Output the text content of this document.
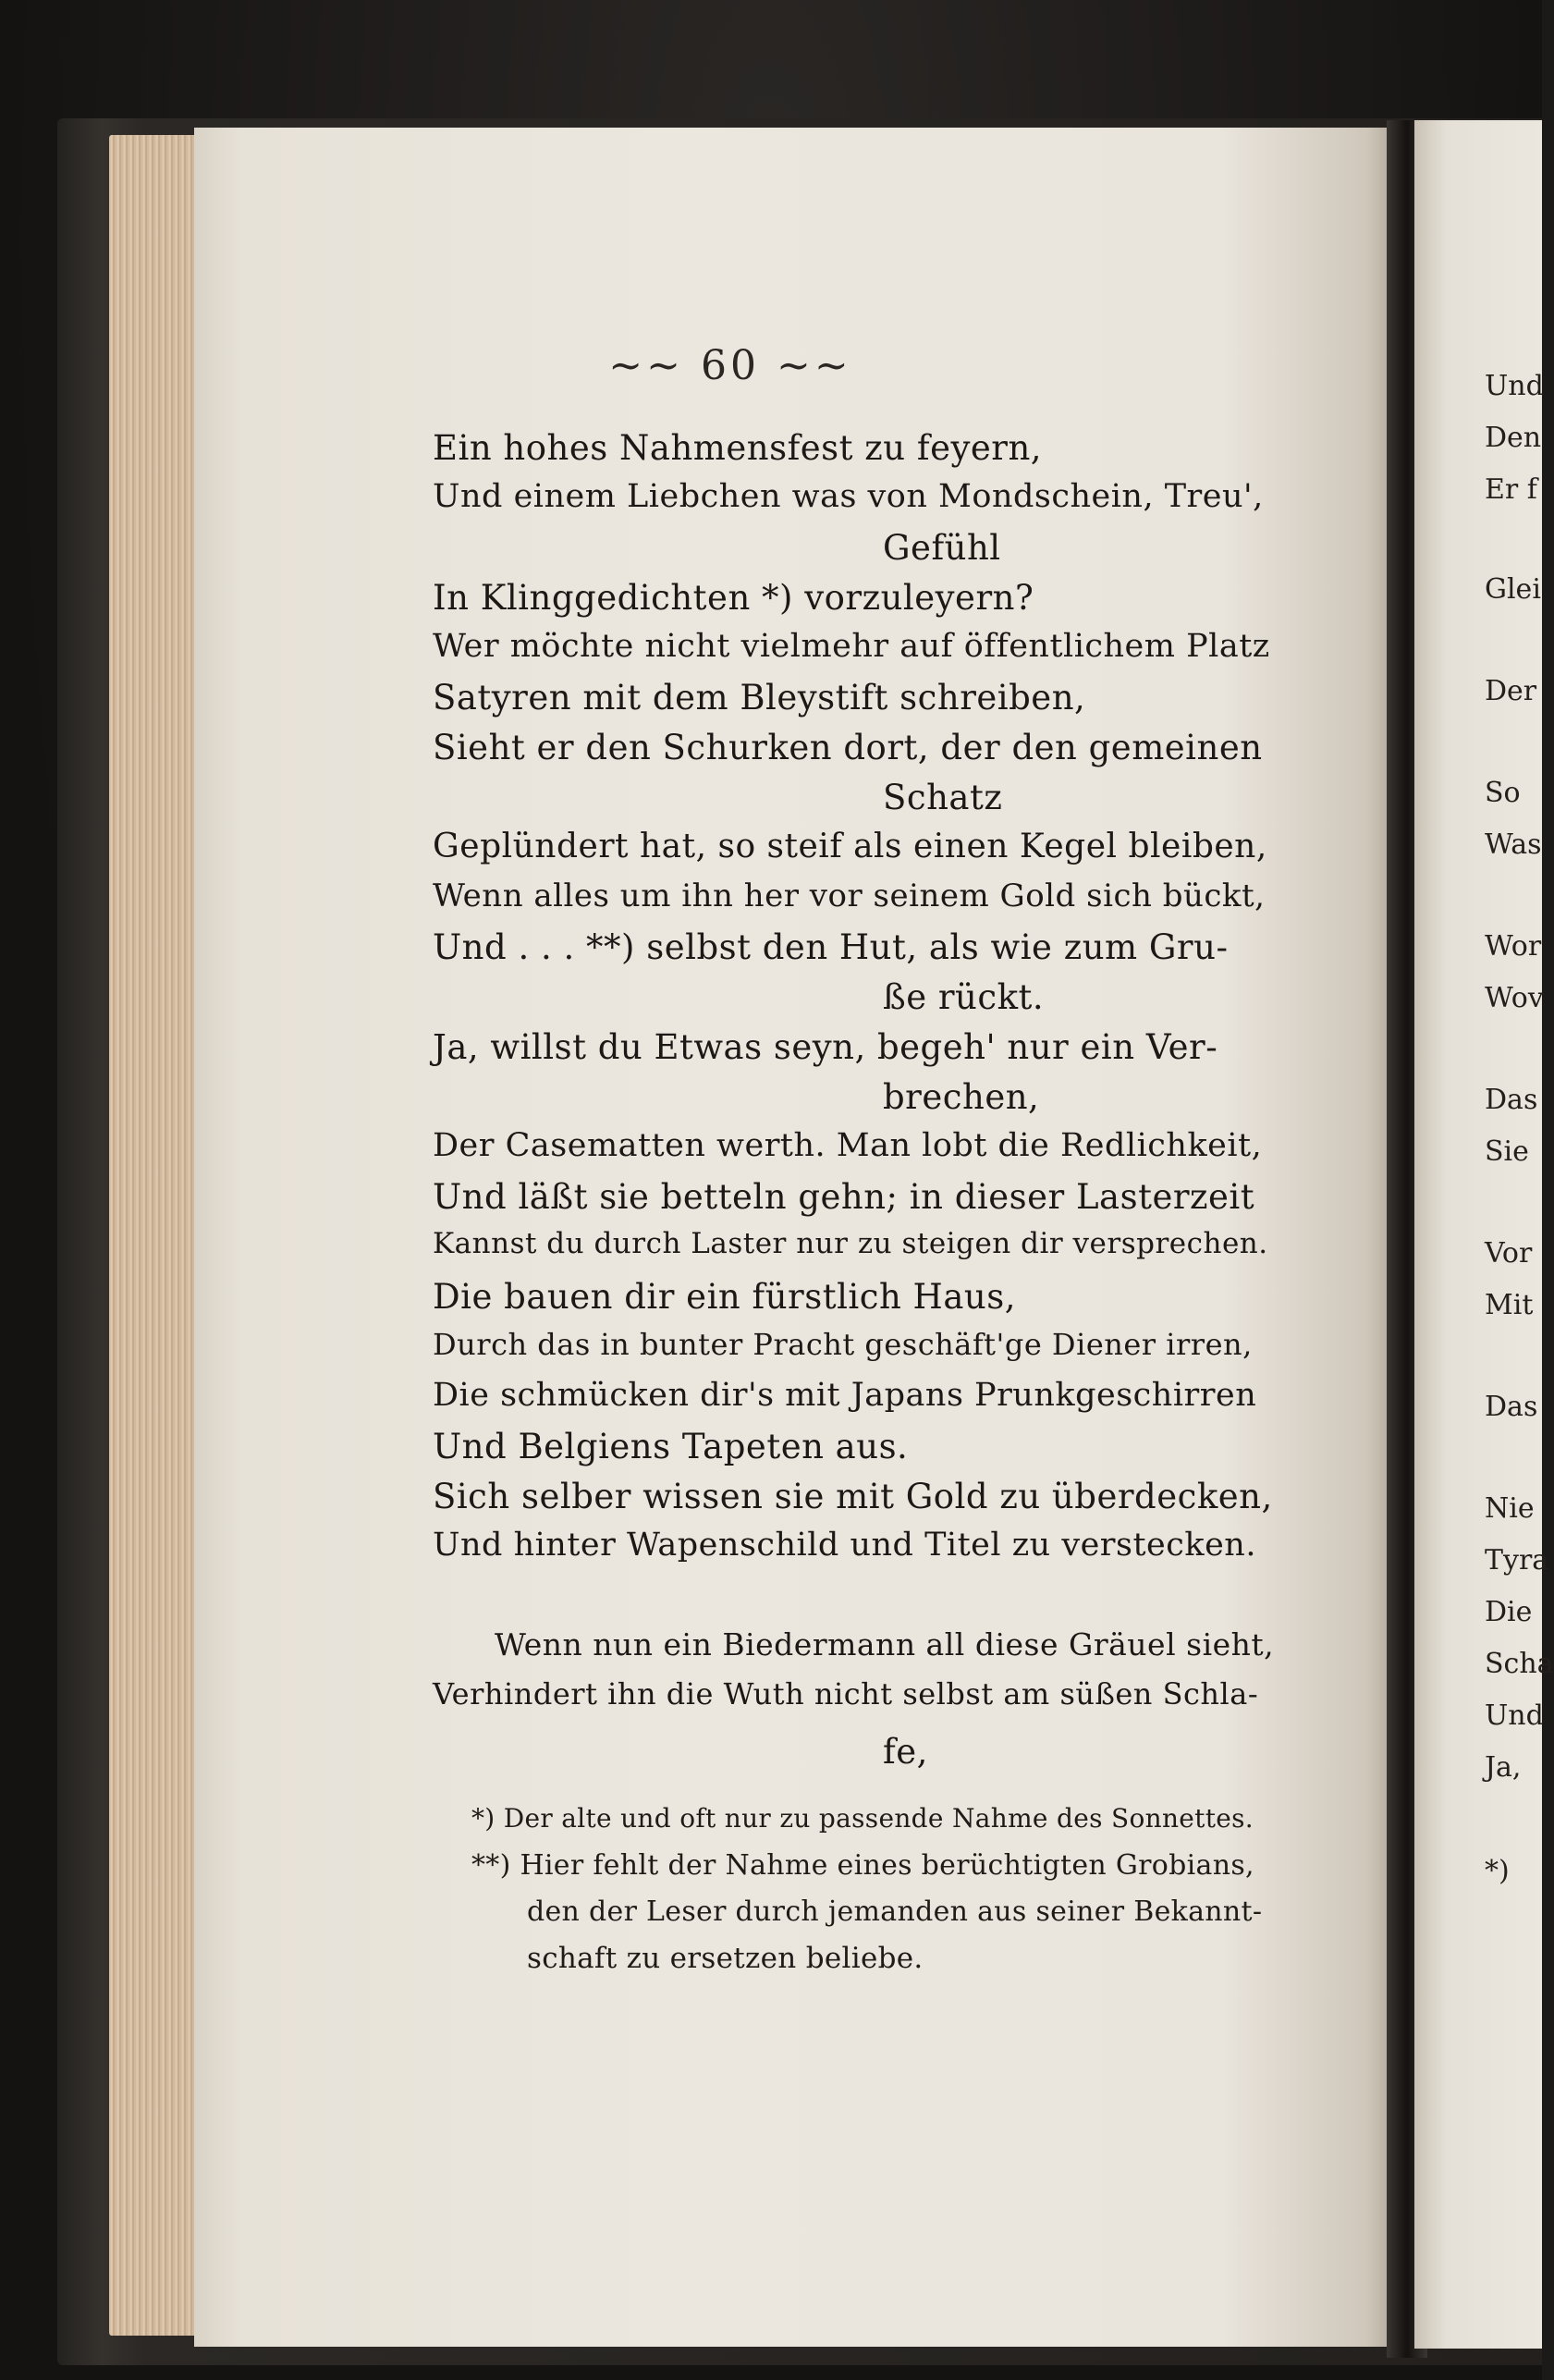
~~ 60 ~~
Ein hohes Nahmensfest zu feyern,
Und einem Liebchen was von Mondschein, Treu',
Gefühl
In Klinggedichten *) vorzuleyern?
Wer möchte nicht vielmehr auf öffentlichem Platz
Satyren mit dem Bleystift schreiben,
Sieht er den Schurken dort, der den gemeinen
Schatz
Geplündert hat, so steif als einen Kegel bleiben,
Wenn alles um ihn her vor seinem Gold sich bückt,
Und . . . **) selbst den Hut, als wie zum Gru-
ße rückt.
Ja, willst du Etwas seyn, begeh' nur ein Ver-
brechen,
Der Casematten werth. Man lobt die Redlichkeit,
Und läßt sie betteln gehn; in dieser Lasterzeit
Kannst du durch Laster nur zu steigen dir versprechen.
Die bauen dir ein fürstlich Haus,
Durch das in bunter Pracht geschäft'ge Diener irren,
Die schmücken dir's mit Japans Prunkgeschirren
Und Belgiens Tapeten aus.
Sich selber wissen sie mit Gold zu überdecken,
Und hinter Wapenschild und Titel zu verstecken.
Wenn nun ein Biedermann all diese Gräuel sieht,
Verhindert ihn die Wuth nicht selbst am süßen Schla-
fe,
*) Der alte und oft nur zu passende Nahme des Sonnettes.
**) Hier fehlt der Nahme eines berüchtigten Grobians,
den der Leser durch jemanden aus seiner Bekannt-
schaft zu ersetzen beliebe.
Und
Den
Er f
Glei
Der
So
Was
Wor
Wov
Das
Sie
Vor
Mit
Das
Nie
Tyra
Die
Scha
Und
Ja,
*)
